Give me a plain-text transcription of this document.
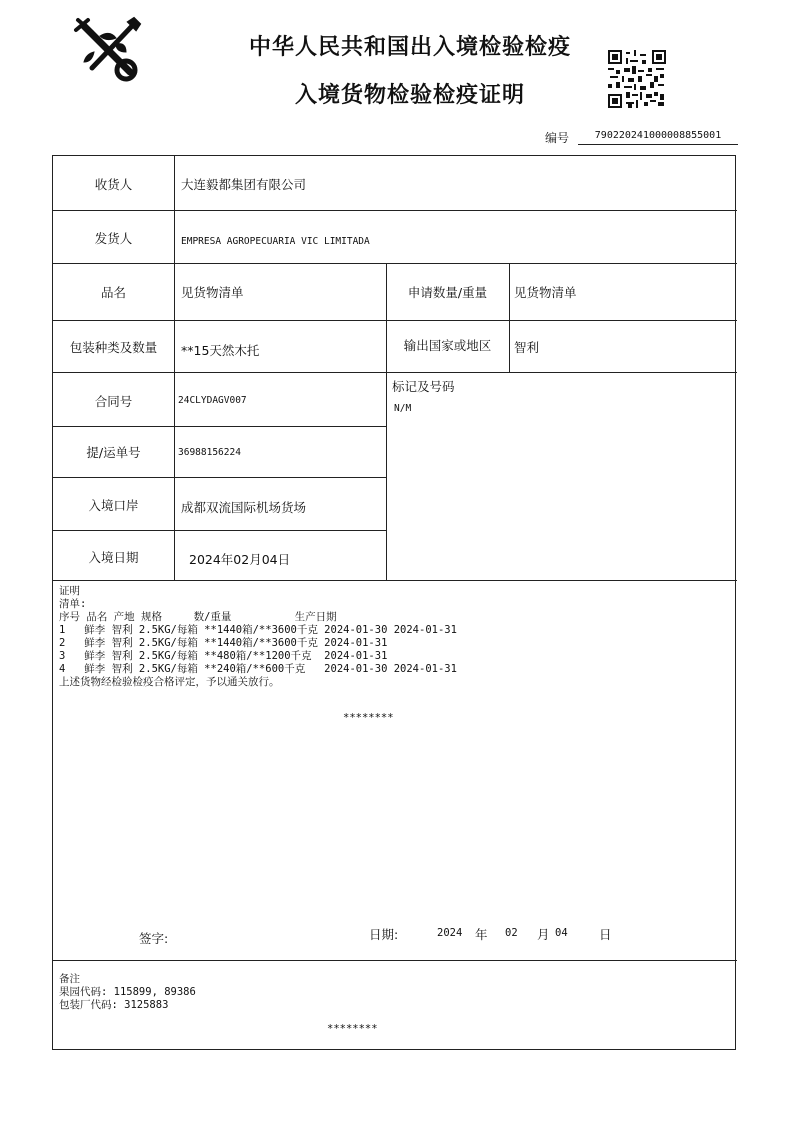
中华人民共和国出入境检验检疫
入境货物检验检疫证明
编号	790220241000008855001
收货人	大连毅都集团有限公司
发货人	EMPRESA AGROPECUARIA VIC LIMITADA
品名	见货物清单	申请数量/重量	见货物清单
包装种类及数量	**15天然木托	输出国家或地区	智利
合同号	24CLYDAGV007
标记及号码
N/M
提/运单号	36988156224
入境口岸	成都双流国际机场货场
入境日期	2024年02月04日
证明
清单:
序号 品名 产地 规格     数/重量          生产日期
1   鲜李 智利 2.5KG/每箱 **1440箱/**3600千克 2024-01-30 2024-01-31
2   鲜李 智利 2.5KG/每箱 **1440箱/**3600千克 2024-01-31
3   鲜李 智利 2.5KG/每箱 **480箱/**1200千克  2024-01-31
4   鲜李 智利 2.5KG/每箱 **240箱/**600千克   2024-01-30 2024-01-31
上述货物经检验检疫合格评定，予以通关放行。
********
签字:	日期:	2024 年 02 月 04	日
备注
果园代码: 115899, 89386
包装厂代码: 3125883
********
